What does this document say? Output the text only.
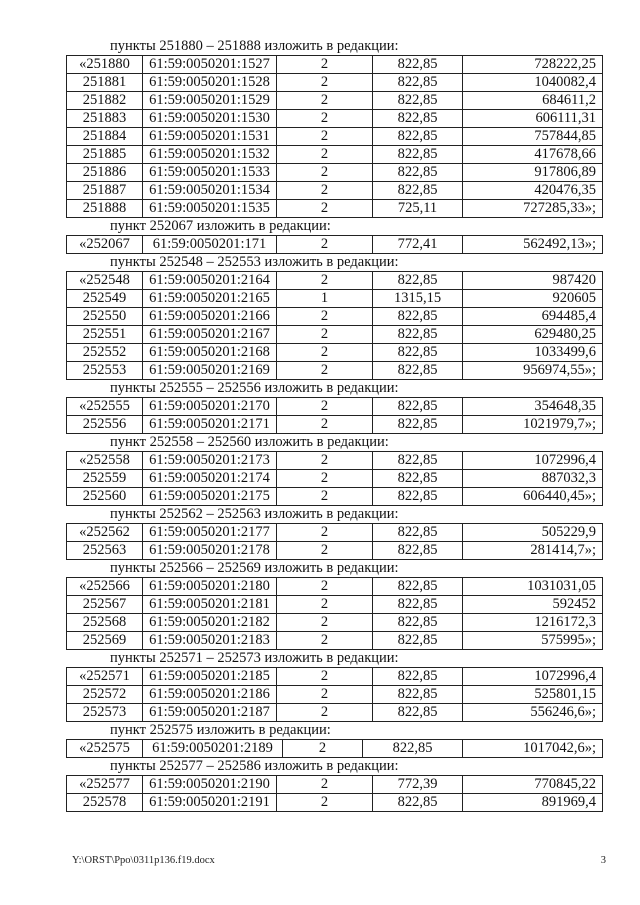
пункты 251880 – 251888 изложить в редакции:
«251880	61:59:0050201:1527	2	822,85	728222,25
251881	61:59:0050201:1528	2	822,85	1040082,4
251882	61:59:0050201:1529	2	822,85	684611,2
251883	61:59:0050201:1530	2	822,85	606111,31
251884	61:59:0050201:1531	2	822,85	757844,85
251885	61:59:0050201:1532	2	822,85	417678,66
251886	61:59:0050201:1533	2	822,85	917806,89
251887	61:59:0050201:1534	2	822,85	420476,35
251888	61:59:0050201:1535	2	725,11	727285,33»;
пункт 252067 изложить в редакции:
«252067	61:59:0050201:171	2	772,41	562492,13»;
пункты 252548 – 252553 изложить в редакции:
«252548	61:59:0050201:2164	2	822,85	987420
252549	61:59:0050201:2165	1	1315,15	920605
252550	61:59:0050201:2166	2	822,85	694485,4
252551	61:59:0050201:2167	2	822,85	629480,25
252552	61:59:0050201:2168	2	822,85	1033499,6
252553	61:59:0050201:2169	2	822,85	956974,55»;
пункты 252555 – 252556 изложить в редакции:
«252555	61:59:0050201:2170	2	822,85	354648,35
252556	61:59:0050201:2171	2	822,85	1021979,7»;
пункт 252558 – 252560 изложить в редакции:
«252558	61:59:0050201:2173	2	822,85	1072996,4
252559	61:59:0050201:2174	2	822,85	887032,3
252560	61:59:0050201:2175	2	822,85	606440,45»;
пункты 252562 – 252563 изложить в редакции:
«252562	61:59:0050201:2177	2	822,85	505229,9
252563	61:59:0050201:2178	2	822,85	281414,7»;
пункты 252566 – 252569 изложить в редакции:
«252566	61:59:0050201:2180	2	822,85	1031031,05
252567	61:59:0050201:2181	2	822,85	592452
252568	61:59:0050201:2182	2	822,85	1216172,3
252569	61:59:0050201:2183	2	822,85	575995»;
пункты 252571 – 252573 изложить в редакции:
«252571	61:59:0050201:2185	2	822,85	1072996,4
252572	61:59:0050201:2186	2	822,85	525801,15
252573	61:59:0050201:2187	2	822,85	556246,6»;
пункт 252575 изложить в редакции:
«252575	61:59:0050201:2189	2	822,85	1017042,6»;
пункты 252577 – 252586 изложить в редакции:
«252577	61:59:0050201:2190	2	772,39	770845,22
252578	61:59:0050201:2191	2	822,85	891969,4
Y:\ORST\Ppo\0311p136.f19.docx	3
